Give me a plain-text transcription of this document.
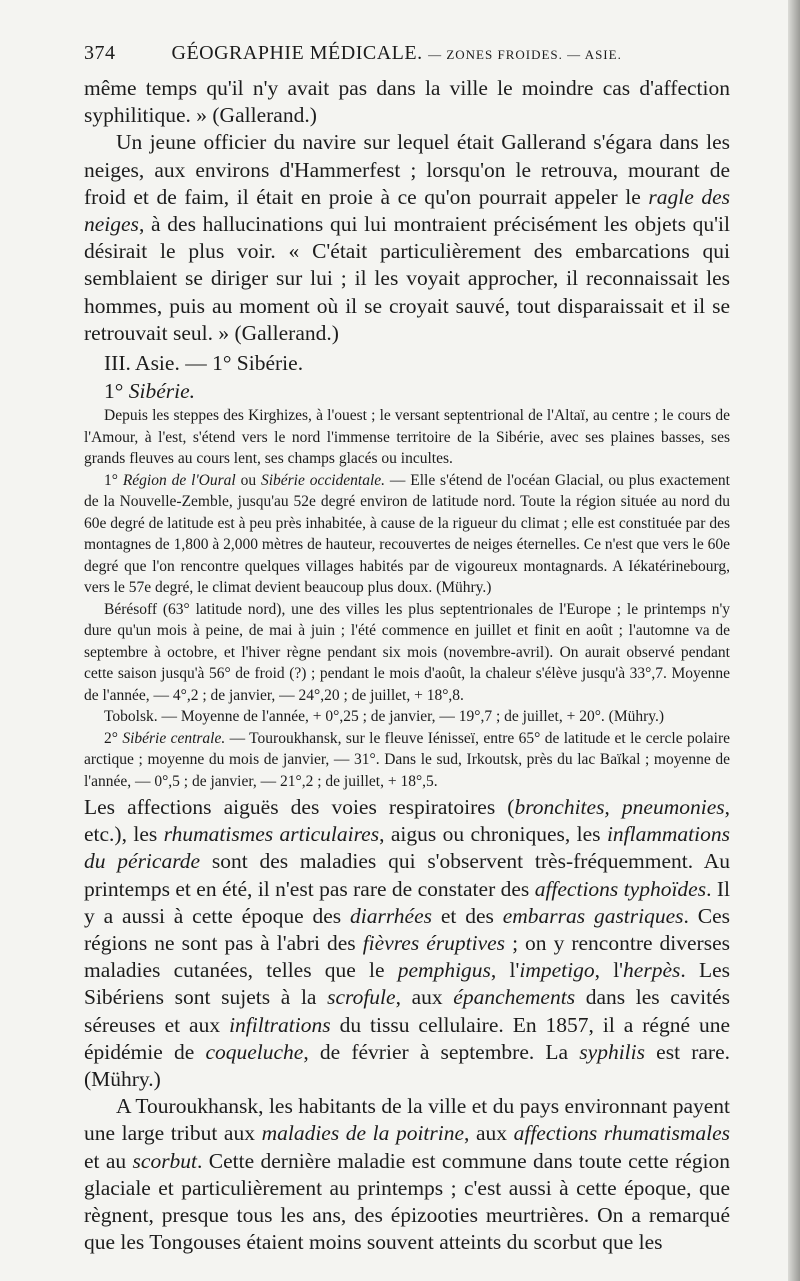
374	GÉOGRAPHIE MÉDICALE. — ZONES FROIDES. — ASIE.

même temps qu'il n'y avait pas dans la ville le moindre cas d'affection syphilitique. » (Gallerand.)

Un jeune officier du navire sur lequel était Gallerand s'égara dans les neiges, aux environs d'Hammerfest ; lorsqu'on le retrouva, mourant de froid et de faim, il était en proie à ce qu'on pourrait appeler le ragle des neiges, à des hallucinations qui lui montraient précisément les objets qu'il désirait le plus voir. « C'était particulièrement des embarcations qui semblaient se diriger sur lui ; il les voyait approcher, il reconnaissait les hommes, puis au moment où il se croyait sauvé, tout disparaissait et il se retrouvait seul. » (Gallerand.)

III. Asie. — 1° Sibérie.

1° Sibérie.

Depuis les steppes des Kirghizes, à l'ouest ; le versant septentrional de l'Altaï, au centre ; le cours de l'Amour, à l'est, s'étend vers le nord l'immense territoire de la Sibérie, avec ses plaines basses, ses grands fleuves au cours lent, ses champs glacés ou incultes.

1° Région de l'Oural ou Sibérie occidentale. — Elle s'étend de l'océan Glacial, ou plus exactement de la Nouvelle-Zemble, jusqu'au 52e degré environ de latitude nord. Toute la région située au nord du 60e degré de latitude est à peu près inhabitée, à cause de la rigueur du climat ; elle est constituée par des montagnes de 1,800 à 2,000 mètres de hauteur, recouvertes de neiges éternelles. Ce n'est que vers le 60e degré que l'on rencontre quelques villages habités par de vigoureux montagnards. A Iékatérinebourg, vers le 57e degré, le climat devient beaucoup plus doux. (Mühry.)

Bérésoff (63° latitude nord), une des villes les plus septentrionales de l'Europe ; le printemps n'y dure qu'un mois à peine, de mai à juin ; l'été commence en juillet et finit en août ; l'automne va de septembre à octobre, et l'hiver règne pendant six mois (novembre-avril). On aurait observé pendant cette saison jusqu'à 56° de froid (?) ; pendant le mois d'août, la chaleur s'élève jusqu'à 33°,7. Moyenne de l'année, — 4°,2 ; de janvier, — 24°,20 ; de juillet, + 18°,8.

Tobolsk. — Moyenne de l'année, + 0°,25 ; de janvier, — 19°,7 ; de juillet, + 20°. (Mühry.)

2° Sibérie centrale. — Touroukhansk, sur le fleuve Iénisseï, entre 65° de latitude et le cercle polaire arctique ; moyenne du mois de janvier, — 31°. Dans le sud, Irkoutsk, près du lac Baïkal ; moyenne de l'année, — 0°,5 ; de janvier, — 21°,2 ; de juillet, + 18°,5.

Les affections aiguës des voies respiratoires (bronchites, pneumonies, etc.), les rhumatismes articulaires, aigus ou chroniques, les inflammations du péricarde sont des maladies qui s'observent très-fréquemment. Au printemps et en été, il n'est pas rare de constater des affections typhoïdes. Il y a aussi à cette époque des diarrhées et des embarras gastriques. Ces régions ne sont pas à l'abri des fièvres éruptives ; on y rencontre diverses maladies cutanées, telles que le pemphigus, l'impetigo, l'herpès. Les Sibériens sont sujets à la scrofule, aux épanchements dans les cavités séreuses et aux infiltrations du tissu cellulaire. En 1857, il a régné une épidémie de coqueluche, de février à septembre. La syphilis est rare. (Mühry.)

A Touroukhansk, les habitants de la ville et du pays environnant payent une large tribut aux maladies de la poitrine, aux affections rhumatismales et au scorbut. Cette dernière maladie est commune dans toute cette région glaciale et particulièrement au printemps ; c'est aussi à cette époque, que règnent, presque tous les ans, des épizooties meurtrières. On a remarqué que les Tongouses étaient moins souvent atteints du scorbut que les
